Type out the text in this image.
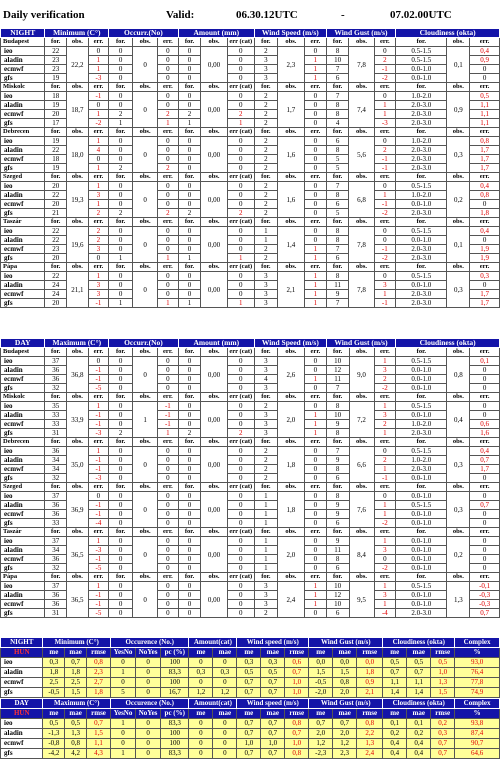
Daily verification	Valid:	06.30.12UTC	-	07.02.00UTC
NIGHT	Minimum (C°)			Occurr.(No)			Amount (mm)			Wind Speed (m/s)			Wind Gust (m/s)			Cloudiness (okta)		
Budapest	for.	obs.	err.	for.	obs.	err.	for.	obs.	err (cat)	for.	obs.	err.	for.	obs.	err.	for.	obs.	err.
ieo	22	22,2	0	0	0	0	0	0,00	0	2	2,3	0	8	7,8	0	0.5-1.5	0,1	0,4
aladin	23		1	0		0	0		0	3		1	10		2	0.5-1.5		0,9
ecmwf	23		1	0		0	0		0	3		1	7		-1	0.0-1.0		0
gfs	19		-3	0		0	0		0	3		1	6		-2	0.0-1.0		0
Miskolc	for.	obs.	err.	for.	obs.	err.	for.	obs.	err (cat)	for.	obs.	err.	for.	obs.	err.	for.	obs.	err.
ieo	18	18,7	-1	0	0	0	0	0,00	0	2	1,7	0	7	7,4	0	1.0-2.0	0,9	0,5
aladin	19		0	0		0	0		0	2		0	8		1	2.0-3.0		1,1
ecmwf	20		1	2		2	2		2	2		0	8		1	2.0-3.0		1,1
gfs	17		-2	1		1	1		1	2		0	4		-3	2.0-3.0		1,1
Debrecen	for.	obs.	err.	for.	obs.	err.	for.	obs.	err (cat)	for.	obs.	err.	for.	obs.	err.	for.	obs.	err.
ieo	19	18,0	1	0	0	0	0	0,00	0	2	1,6	0	6	5,6	0	1.0-2.0	0,3	0,8
aladin	22		4	0		0	0		0	2		0	8		2	2.0-3.0		1,7
ecmwf	18		0	0		0	0		0	2		0	5		-1	2.0-3.0		1,7
gfs	19		1	2		2	0		0	2		0	5		-1	2.0-3.0		1,7
Szeged	for.	obs.	err.	for.	obs.	err.	for.	obs.	err (cat)	for.	obs.	err.	for.	obs.	err.	for.	obs.	err.
ieo	20	19,3	1	0	0	0	0	0,00	0	2	1,6	0	7	6,8	0	0.5-1.5	0,2	0,4
aladin	22		3	0		0	0		0	2		0	8		1	1.0-2.0		0,8
ecmwf	20		1	0		0	0		0	2		0	6		-1	0.0-1.0		0
gfs	21		2	2		2	2		2	2		0	5		-2	2.0-3.0		1,8
Taszár	for.	obs.	err.	for.	obs.	err.	for.	obs.	err (cat)	for.	obs.	err.	for.	obs.	err.	for.	obs.	err.
ieo	22	19,6	2	0	0	0	0	0,00	0	1	1,4	0	8	7,8	0	0.5-1.5	0,1	0,4
aladin	22		2	0		0	0		0	1		0	8		0	0.0-1.0		0
ecmwf	23		3	0		0	0		0	2		1	7		-1	2.0-3.0		1,9
gfs	20		0	1		1	1		1	2		1	6		-2	2.0-3.0		1,9
Pápa	for.	obs.	err.	for.	obs.	err.	for.	obs.	err (cat)	for.	obs.	err.	for.	obs.	err.	for.	obs.	err.
ieo	22	21,1	1	0	0	0	0	0,00	0	3	2,1	1	8	7,8	0	0.5-1.5	0,3	0,3
aladin	24		3	0		0	0		0	3		1	11		3	0.0-1.0		0
ecmwf	24		3	0		0	0		0	3		1	9		1	2.0-3.0		1,7
gfs	20		-1	1		1	1		1	3		1	7		-1	2.0-3.0		1,7
DAY	Maximum (C°)			Occurr.(No)			Amount (mm)			Wind Speed (m/s)			Wind Gust (m/s)			Cloudiness (okta)		
Budapest	for.	obs.	err.	for.	obs.	err.	for.	obs.	err (cat)	for.	obs.	err.	for.	obs.	err.	for.	obs.	err.
ieo	37	36,8	0	0	0	0	0	0,00	0	3	2,6	0	10	9,0	1	0.5-1.5	0,8	0,1
aladin	36		-1	0		0	0		0	3		0	12		3	0.0-1.0		0
ecmwf	36		-1	0		0	0		0	4		1	11		2	0.0-1.0		0
gfs	32		-5	0		0	0		0	3		0	7		-2	0.0-1.0		0
Miskolc	for.	obs.	err.	for.	obs.	err.	for.	obs.	err (cat)	for.	obs.	err.	for.	obs.	err.	for.	obs.	err.
ieo	35	33,9	1	0	1	-1	0	0,00	0	2	2,0	0	8	7,2	1	0.5-1.5	0,4	0
aladin	33		-1	0		-1	0		0	3		1	10		3	0.0-1.0		0
ecmwf	33		-1	0		-1	0		0	3		1	9		2	1.0-2.0		0,6
gfs	31		-3	2		1	2		2	3		1	8		1	2.0-3.0		1,6
Debrecen	for.	obs.	err.	for.	obs.	err.	for.	obs.	err (cat)	for.	obs.	err.	for.	obs.	err.	for.	obs.	err.
ieo	36	35,0	1	0	0	0	0	0,00	0	2	1,8	0	7	6,6	0	0.5-1.5	0,3	0,4
aladin	34		-1	0		0	0		0	2		0	9		2	1.0-2.0		0,7
ecmwf	34		-1	0		0	0		0	2		0	8		1	2.0-3.0		1,7
gfs	32		-3	0		0	0		0	2		0	6		-1	0.0-1.0		0
Szeged	for.	obs.	err.	for.	obs.	err.	for.	obs.	err (cat)	for.	obs.	err.	for.	obs.	err.	for.	obs.	err.
ieo	37	36,9	0	0	0	0	0	0,00	0	1	1,8	0	8	7,6	0	0.0-1.0	0,3	0
aladin	36		-1	0		0	0		0	1		0	9		1	0.5-1.5		0,7
ecmwf	36		-1	0		0	0		0	1		0	9		1	0.0-1.0		0
gfs	33		-4	0		0	0		0	1		0	6		-2	0.0-1.0		0
Taszár	for.	obs.	err.	for.	obs.	err.	for.	obs.	err (cat)	for.	obs.	err.	for.	obs.	err.	for.	obs.	err.
ieo	37	36,5	1	0	0	0	0	0,00	0	1	2,0	0	9	8,4	1	0.0-1.0	0,2	0
aladin	34		-3	0		0	0		0	1		0	11		3	0.0-1.0		0
ecmwf	36		-1	0		0	0		0	1		0	8		0	0.0-1.0		0
gfs	32		-5	0		0	0		0	1		0	6		-2	0.0-1.0		0
Pápa	for.	obs.	err.	for.	obs.	err.	for.	obs.	err (cat)	for.	obs.	err.	for.	obs.	err.	for.	obs.	err.
ieo	37	36,5	1	0	0	0	0	0,00	0	3	2,4	1	10	9,5	1	0.5-1.5	1,3	-0,1
aladin	36		-1	0		0	0		0	3		1	12		3	0.0-1.0		-0,3
ecmwf	36		-1	0		0	0		0	3		1	10		1	0.0-1.0		-0,3
gfs	31		-5	0		0	0		0	2		0	6		-4	2.0-3.0		0,7
NIGHT	Minimum (C°)			Occurence (No.)			Amount(cat)		Wind speed (m/s)			Wind Gust (m/s)			Cloudiness (okta)			Complex
HUN	me	mae	rmse	YesNo	NoYes	pc (%)	me	mae	me	mae	rmse	me	mae	rmse	me	mae	rmse	%
ieo	0,3	0,7	0,8	0	0	100	0	0	0,3	0,3	0,6	0,0	0,0	0,0	0,5	0,5	0,5	93,0
aladin	1,8	1,8	2,3	1	0	83,3	0,3	0,3	0,5	0,5	0,7	1,5	1,5	1,8	0,7	0,7	1,0	76,4
ecmwf	2,5	2,5	2,7	0	0	100	0	0	0,7	0,7	1,0	-0,5	0,8	0,9	1,1	1,1	1,3	77,8
gfs	-0,5	1,5	1,8	5	0	16,7	1,2	1,2	0,7	0,7	1,0	-2,0	2,0	2,1	1,4	1,4	1,5	74,9
DAY	Maximum (C°)			Occurence (No.)			Amount(cat)		Wind speed (m/s)			Wind Gust (m/s)			Cloudiness (okta)			Complex
HUN	me	mae	rmse	YesNo	NoYes	pc (%)	me	mae	me	mae	rmse	me	mae	rmse	me	mae	rmse	%
ieo	0,5	0,5	0,7	1	0	83,3	0	0	0,7	0,7	0,8	0,7	0,7	0,8	0,1	0,1	0,2	93,8
aladin	-1,3	1,3	1,5	0	0	100	0	0	0,7	0,7	0,7	2,0	2,0	2,2	0,2	0,2	0,3	87,4
ecmwf	-0,8	0,8	1,1	0	0	100	0	0	1,0	1,0	1,0	1,2	1,2	1,3	0,4	0,4	0,7	90,7
gfs	-4,2	4,2	4,3	1	0	83,3	0	0	0,7	0,7	0,8	-2,3	2,3	2,4	0,4	0,4	0,7	64,6
